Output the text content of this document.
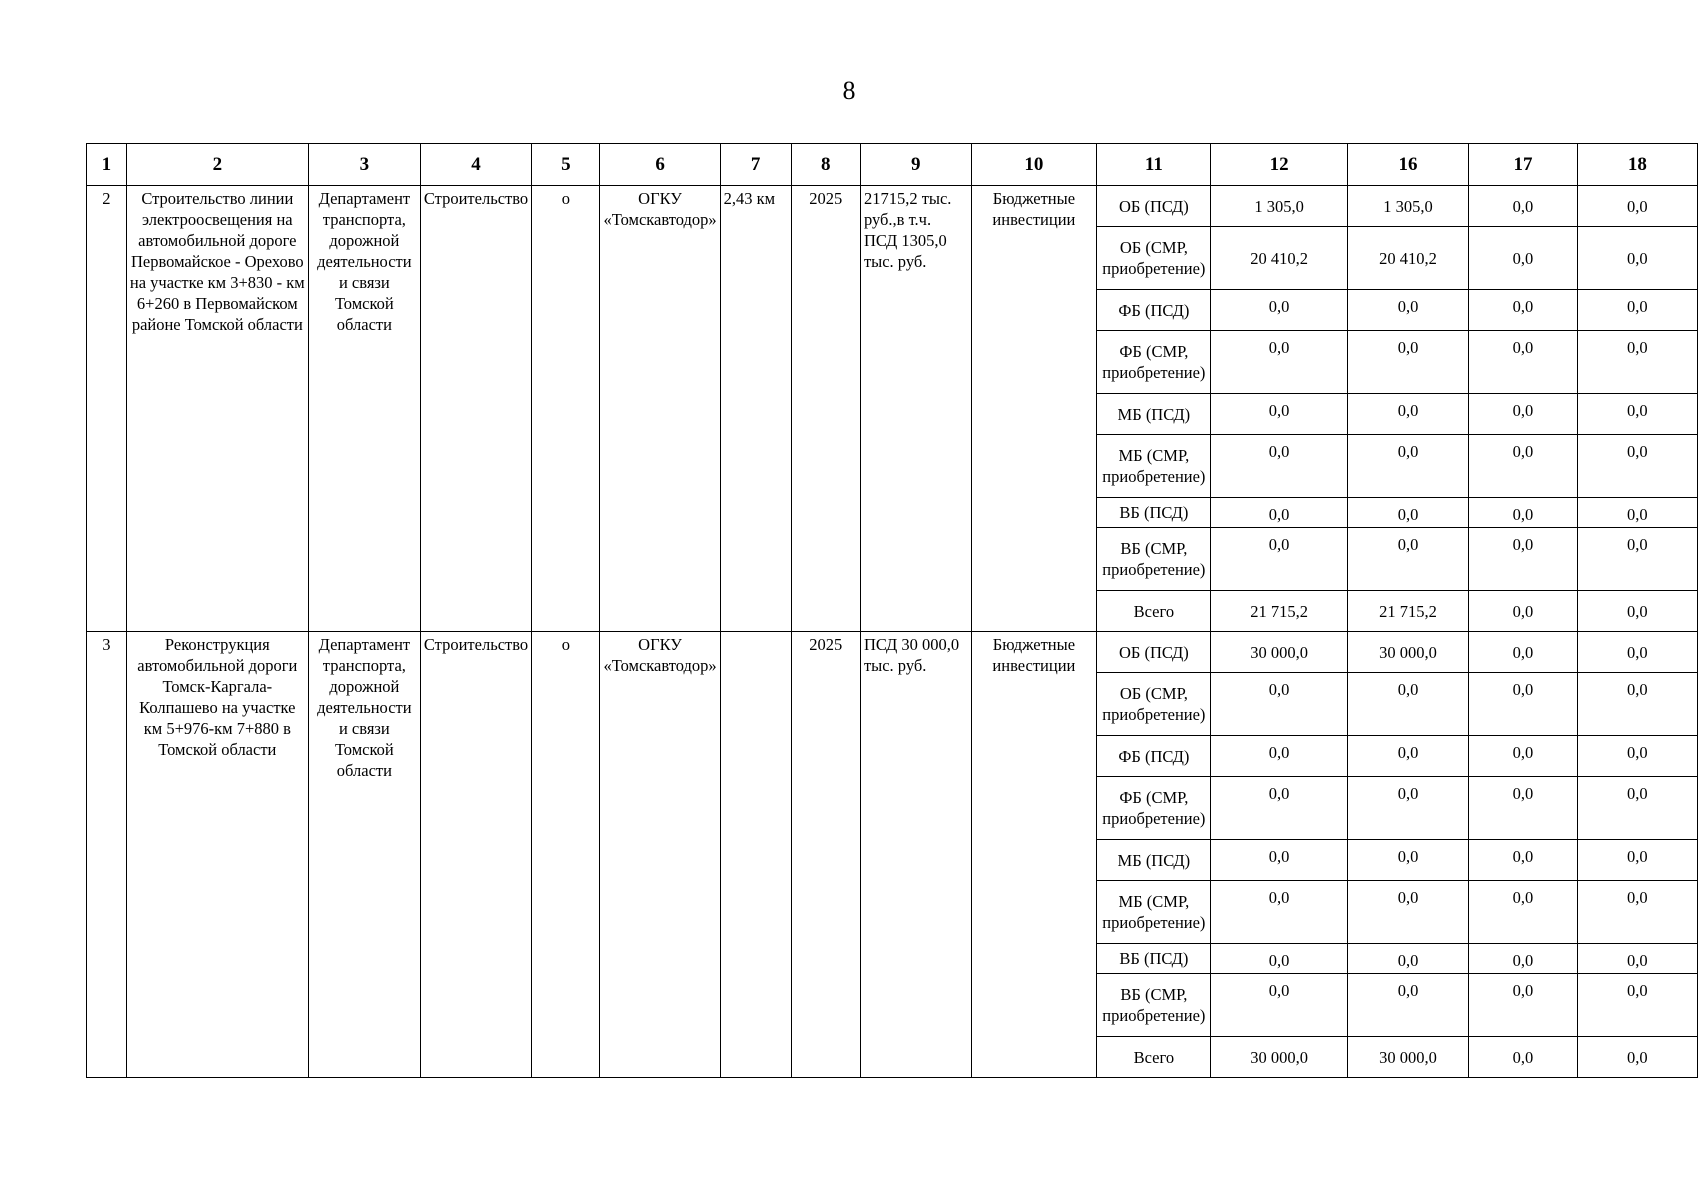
8
1	2	3	4	5	6	7	8	9	10	11	12	16	17	18
2	Строительство линии электроосвещения на автомобильной дороге Первомайское - Орехово на участке км 3+830 - км 6+260 в Первомайском районе Томской области	Департамент транспорта, дорожной деятельности и связи Томской области	Строительство	о	ОГКУ «Томскавтодор»	2,43 км	2025	21715,2 тыс. руб.,в т.ч. ПСД 1305,0 тыс. руб.	Бюджетные инвестиции	ОБ (ПСД)	1 305,0	1 305,0	0,0	0,0
										ОБ (СМР, приобретение)	20 410,2	20 410,2	0,0	0,0
										ФБ (ПСД)	0,0	0,0	0,0	0,0
										ФБ (СМР, приобретение)	0,0	0,0	0,0	0,0
										МБ (ПСД)	0,0	0,0	0,0	0,0
										МБ (СМР, приобретение)	0,0	0,0	0,0	0,0
										ВБ (ПСД)	0,0	0,0	0,0	0,0
										ВБ (СМР, приобретение)	0,0	0,0	0,0	0,0
										Всего	21 715,2	21 715,2	0,0	0,0
3	Реконструкция автомобильной дороги Томск-Каргала-Колпашево на участке км 5+976-км 7+880 в Томской области	Департамент транспорта, дорожной деятельности и связи Томской области	Строительство	о	ОГКУ «Томскавтодор»		2025	ПСД 30 000,0 тыс. руб.	Бюджетные инвестиции	ОБ (ПСД)	30 000,0	30 000,0	0,0	0,0
										ОБ (СМР, приобретение)	0,0	0,0	0,0	0,0
										ФБ (ПСД)	0,0	0,0	0,0	0,0
										ФБ (СМР, приобретение)	0,0	0,0	0,0	0,0
										МБ (ПСД)	0,0	0,0	0,0	0,0
										МБ (СМР, приобретение)	0,0	0,0	0,0	0,0
										ВБ (ПСД)	0,0	0,0	0,0	0,0
										ВБ (СМР, приобретение)	0,0	0,0	0,0	0,0
										Всего	30 000,0	30 000,0	0,0	0,0
